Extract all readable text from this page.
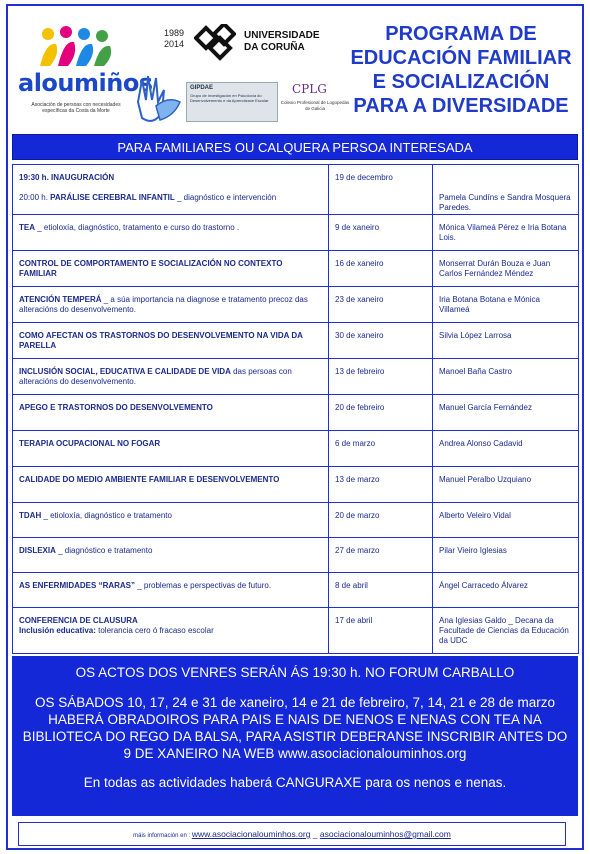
aloumiños
Asociación de persoas con necesidades específicas da Costa da Morte
1989
2014
UNIVERSIDADE
DA CORUÑA
GIPDAE
Grupo de Investigación en Psicoloxía do Desenvolvemento e da Aprendizaxe Escolar
CPLG
Colexio Profesional de Logopedas de Galicia
PROGRAMA DE
EDUCACIÓN FAMILIAR
E SOCIALIZACIÓN
PARA A DIVERSIDADE
PARA FAMILIARES OU CALQUERA PERSOA INTERESADA
19:30 h. INAUGURACIÓN
20:00 h. PARÁLISE CEREBRAL INFANTIL _ diagnóstico e intervención	19 de decembro	Pamela Cundíns e Sandra Mosquera Paredes.

TEA _ etioloxía, diagnóstico, tratamento e curso do trastorno .	9 de xaneiro	Mónica Vilameá Pérez e Iria Botana Lois.

CONTROL DE COMPORTAMENTO E SOCIALIZACIÓN NO CONTEXTO FAMILIAR	16 de xaneiro	Monserrat Durán Bouza e Juan Carlos Fernández Méndez

ATENCIÓN TEMPERÁ _ a súa importancia na diagnose e tratamento precoz das alteracións do desenvolvemento.	23 de xaneiro	Iria Botana Botana e Mónica Villameá

COMO AFECTAN OS TRASTORNOS DO DESENVOLVEMENTO NA VIDA DA PARELLA	30 de xaneiro	Silvia López Larrosa

INCLUSIÓN SOCIAL, EDUCATIVA E CALIDADE DE VIDA das persoas con alteracións do desenvolvemento.	13 de febreiro	Manoel Baña Castro

APEGO E TRASTORNOS DO DESENVOLVEMENTO	20 de febreiro	Manuel García Fernández

TERAPIA OCUPACIONAL NO FOGAR	6 de marzo	Andrea Alonso Cadavid

CALIDADE DO MEDIO AMBIENTE FAMILIAR E DESENVOLVEMENTO	13 de marzo	Manuel Peralbo Uzquiano

TDAH _ etioloxía, diagnóstico e tratamento	20 de marzo	Alberto Veleiro Vidal

DISLEXIA _ diagnóstico e tratamento	27 de marzo	Pilar Vieiro Iglesias

AS ENFERMIDADES “RARAS” _ problemas e perspectivas de futuro.	8 de abril	Ángel Carracedo Álvarez

CONFERENCIA DE CLAUSURA
Inclusión educativa: tolerancia cero ó fracaso escolar	17 de abril	Ana Iglesias Galdo _ Decana da Facultade de Ciencias da Educación da UDC

OS ACTOS DOS VENRES SERÁN ÁS 19:30 h. NO FORUM CARBALLO

OS SÁBADOS 10, 17, 24 e 31 de xaneiro, 14 e 21 de febreiro, 7, 14, 21 e 28 de marzo HABERÁ OBRADOIROS PARA PAIS E NAIS DE NENOS E NENAS CON TEA NA BIBLIOTECA DO REGO DA BALSA, PARA ASISTIR DEBERANSE INSCRIBIR ANTES DO 9 DE XANEIRO NA WEB www.asociacionalouminhos.org

En todas as actividades haberá CANGURAXE para os nenos e nenas.

máis información en : www.asociacionalouminhos.org _ asociacionalouminhos@gmail.com
